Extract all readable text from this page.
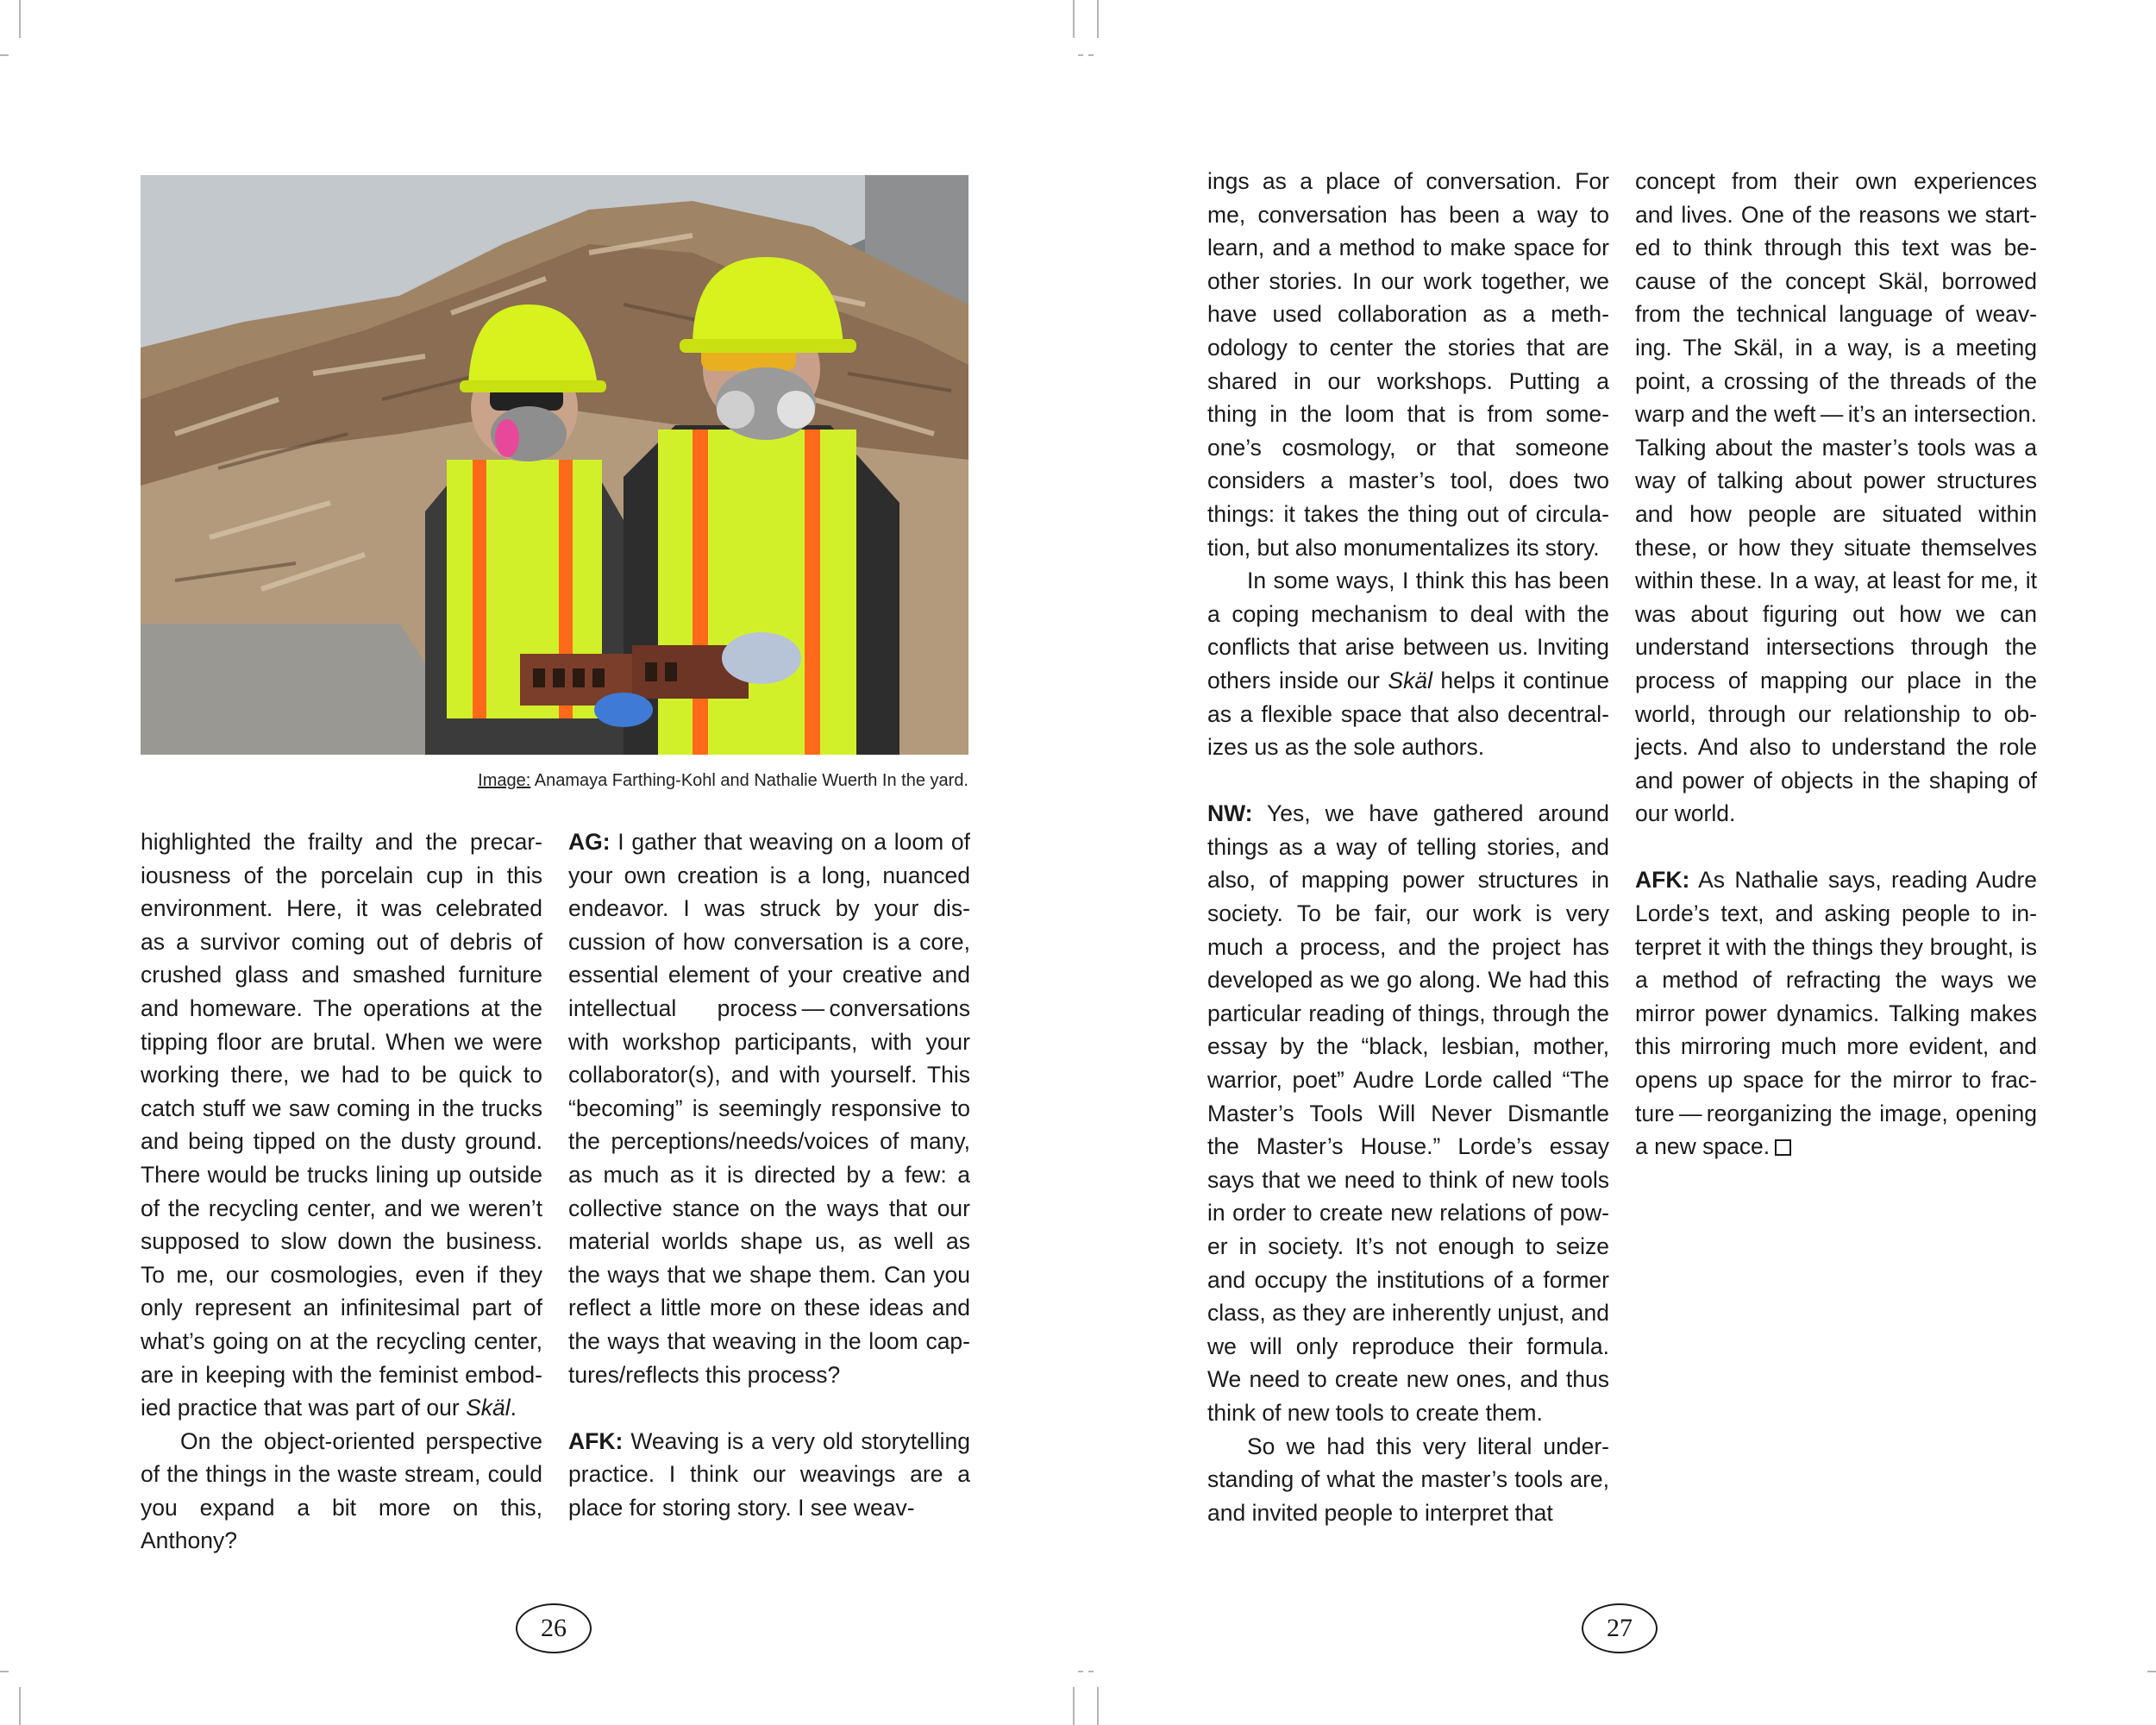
Image: Anamaya Farthing-Kohl and Nathalie Wuerth In the yard.

highlighted the frailty and the precariousness of the porcelain cup in this environment. Here, it was celebrated as a survivor coming out of debris of crushed glass and smashed furniture and homeware. The operations at the tipping floor are brutal. When we were working there, we had to be quick to catch stuff we saw coming in the trucks and being tipped on the dusty ground. There would be trucks lining up outside of the recycling center, and we weren’t supposed to slow down the business. To me, our cosmologies, even if they only represent an infinitesimal part of what’s going on at the recycling center, are in keeping with the feminist embodied practice that was part of our Skäl.

On the object-oriented perspective of the things in the waste stream, could you expand a bit more on this, Anthony?

AG: I gather that weaving on a loom of your own creation is a long, nuanced endeavor. I was struck by your discussion of how conversation is a core, essential element of your creative and intellectual process — conversations with workshop participants, with your collaborator(s), and with yourself. This “becoming” is seemingly responsive to the perceptions/needs/voices of many, as much as it is directed by a few: a collective stance on the ways that our material worlds shape us, as well as the ways that we shape them. Can you reflect a little more on these ideas and the ways that weaving in the loom captures/reflects this process?

AFK: Weaving is a very old storytelling practice. I think our weavings are a place for storing story. I see weav-

26

ings as a place of conversation. For me, conversation has been a way to learn, and a method to make space for other stories. In our work together, we have used collaboration as a methodology to center the stories that are shared in our workshops. Putting a thing in the loom that is from someone’s cosmology, or that someone considers a master’s tool, does two things: it takes the thing out of circulation, but also monumentalizes its story.

In some ways, I think this has been a coping mechanism to deal with the conflicts that arise between us. Inviting others inside our Skäl helps it continue as a flexible space that also decentralizes us as the sole authors.

NW: Yes, we have gathered around things as a way of telling stories, and also, of mapping power structures in society. To be fair, our work is very much a process, and the project has developed as we go along. We had this particular reading of things, through the essay by the “black, lesbian, mother, warrior, poet” Audre Lorde called “The Master’s Tools Will Never Dismantle the Master’s House.” Lorde’s essay says that we need to think of new tools in order to create new relations of power in society. It’s not enough to seize and occupy the institutions of a former class, as they are inherently unjust, and we will only reproduce their formula. We need to create new ones, and thus think of new tools to create them.

So we had this very literal understanding of what the master’s tools are, and invited people to interpret that

concept from their own experiences and lives. One of the reasons we started to think through this text was because of the concept Skäl, borrowed from the technical language of weaving. The Skäl, in a way, is a meeting point, a crossing of the threads of the warp and the weft — it’s an intersection. Talking about the master’s tools was a way of talking about power structures and how people are situated within these, or how they situate themselves within these. In a way, at least for me, it was about figuring out how we can understand intersections through the process of mapping our place in the world, through our relationship to objects. And also to understand the role and power of objects in the shaping of our world.

AFK: As Nathalie says, reading Audre Lorde’s text, and asking people to interpret it with the things they brought, is a method of refracting the ways we mirror power dynamics. Talking makes this mirroring much more evident, and opens up space for the mirror to fracture — reorganizing the image, opening a new space.

27
